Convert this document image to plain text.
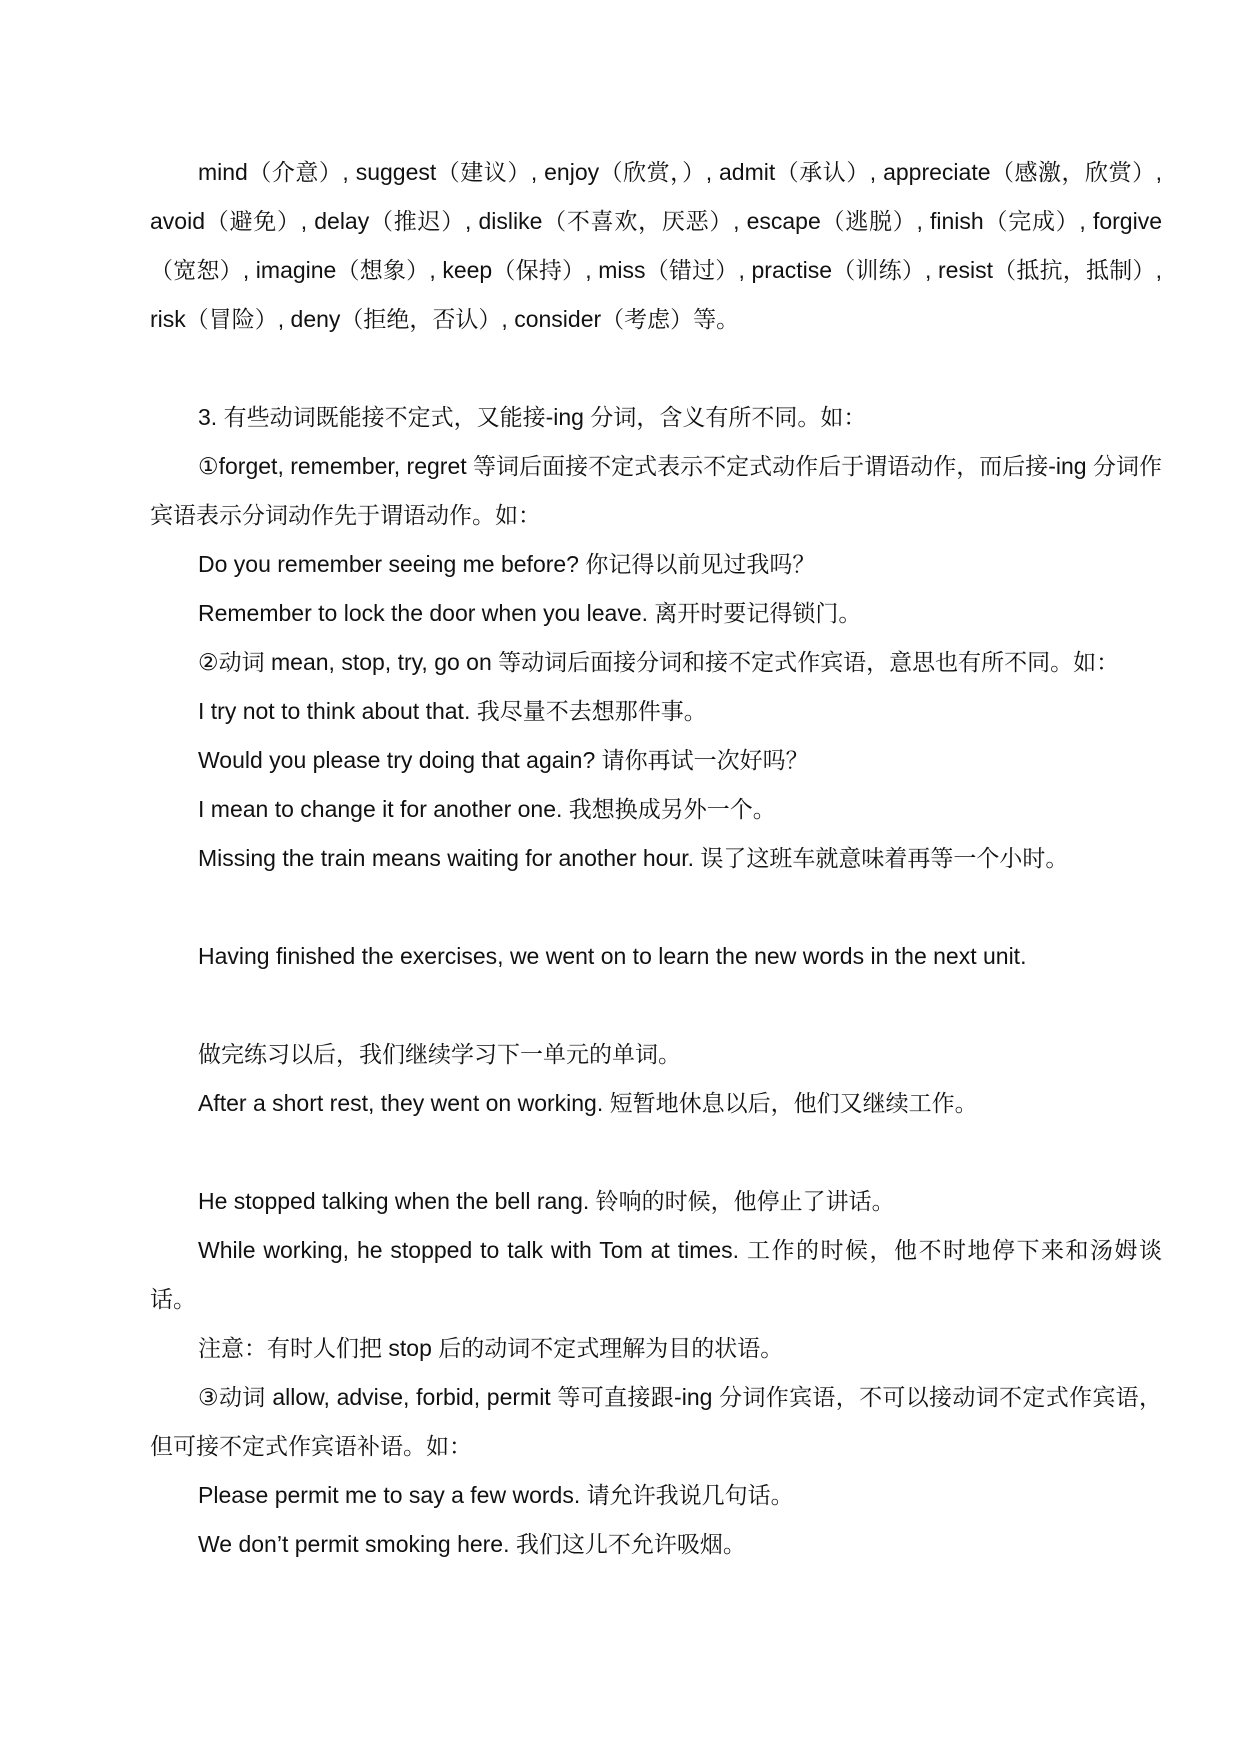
mind（介意）, suggest（建议）, enjoy（欣赏，）, admit（承认）, appreciate（感激，欣赏）, avoid（避免）, delay（推迟）, dislike（不喜欢，厌恶）, escape（逃脱）, finish（完成）, forgive（宽恕）, imagine（想象）, keep（保持）, miss（错过）, practise（训练）, resist（抵抗，抵制）, risk（冒险）, deny（拒绝，否认）, consider（考虑）等。

3. 有些动词既能接不定式，又能接-ing 分词，含义有所不同。如：

①forget, remember, regret 等词后面接不定式表示不定式动作后于谓语动作，而后接-ing 分词作宾语表示分词动作先于谓语动作。如：

Do you remember seeing me before? 你记得以前见过我吗？

Remember to lock the door when you leave. 离开时要记得锁门。

②动词 mean, stop, try, go on 等动词后面接分词和接不定式作宾语，意思也有所不同。如：

I try not to think about that. 我尽量不去想那件事。

Would you please try doing that again? 请你再试一次好吗？

I mean to change it for another one. 我想换成另外一个。

Missing the train means waiting for another hour. 误了这班车就意味着再等一个小时。

Having finished the exercises, we went on to learn the new words in the next unit.

做完练习以后，我们继续学习下一单元的单词。

After a short rest, they went on working. 短暂地休息以后，他们又继续工作。

He stopped talking when the bell rang. 铃响的时候，他停止了讲话。

While working, he stopped to talk with Tom at times. 工作的时候，他不时地停下来和汤姆谈话。

注意：有时人们把 stop 后的动词不定式理解为目的状语。

③动词 allow, advise, forbid, permit 等可直接跟-ing 分词作宾语，不可以接动词不定式作宾语，但可接不定式作宾语补语。如：

Please permit me to say a few words. 请允许我说几句话。

We don’t permit smoking here. 我们这儿不允许吸烟。
